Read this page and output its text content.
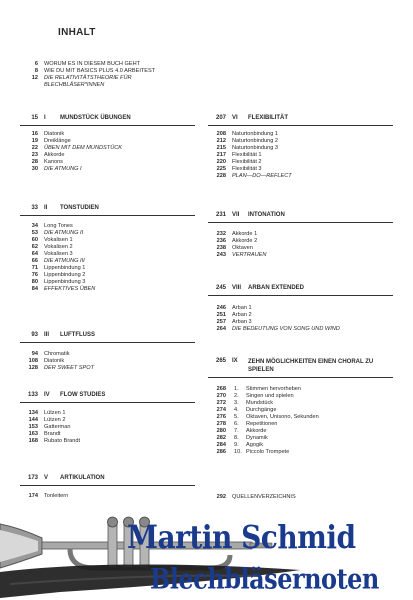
INHALT
6 WORUM ES IN DIESEM BUCH GEHT
8 WIE DU MIT BASICS PLUS 4.0 ARBEITEST
12 DIE RELATIVITÄTSTHEORIE FÜR BLECHBLÄSER*INNEN
15 I MUNDSTÜCK ÜBUNGEN
16 Diatonik
19 Dreiklänge
22 ÜBEN MIT DEM MUNDSTÜCK
23 Akkorde
28 Kanons
30 DIE ATMUNG I
33 II TONSTUDIEN
34 Long Tones
53 DIE ATMUNG II
60 Vokalisen 1
62 Vokalisen 2
64 Vokalisen 3
66 DIE ATMUNG III
71 Lippenbindung 1
76 Lippenbindung 2
80 Lippenbindung 3
84 EFFEKTIVES ÜBEN
93 III LUFTFLUSS
94 Chromatik
108 Diatonik
128 DER SWEET SPOT
133 IV FLOW STUDIES
134 Lützen 1
144 Lützen 2
153 Gatterman
163 Brandt
168 Rubato Brandt
173 V ARTIKULATION
174 Tonleitern
207 VI FLEXIBILITÄT
208 Naturtonbindung 1
212 Naturtonbindung 2
215 Naturtonbindung 3
217 Flexibilität 1
220 Flexibilität 2
225 Flexibilität 3
228 PLAN—DO—REFLECT
231 VII INTONATION
232 Akkorde 1
236 Akkorde 2
238 Oktaven
243 VERTRAUEN
245 VIII ARBAN EXTENDED
246 Arban 1
251 Arban 2
257 Arban 3
264 DIE BEDEUTUNG VON SONG UND WIND
265 IX ZEHN MÖGLICHKEITEN EINEN CHORAL ZU SPIELEN
268 1. Stimmen hervorheben
270 2. Singen und spielen
272 3. Mundstück
274 4. Durchgänge
276 5. Oktaven, Unisono, Sekunden
278 6. Repetitionen
280 7. Akkorde
282 8. Dynamik
284 9. Agogik
286 10. Piccolo Trompete
292 QUELLENVERZEICHNIS
Martin Schmid
Blechbläsernoten
